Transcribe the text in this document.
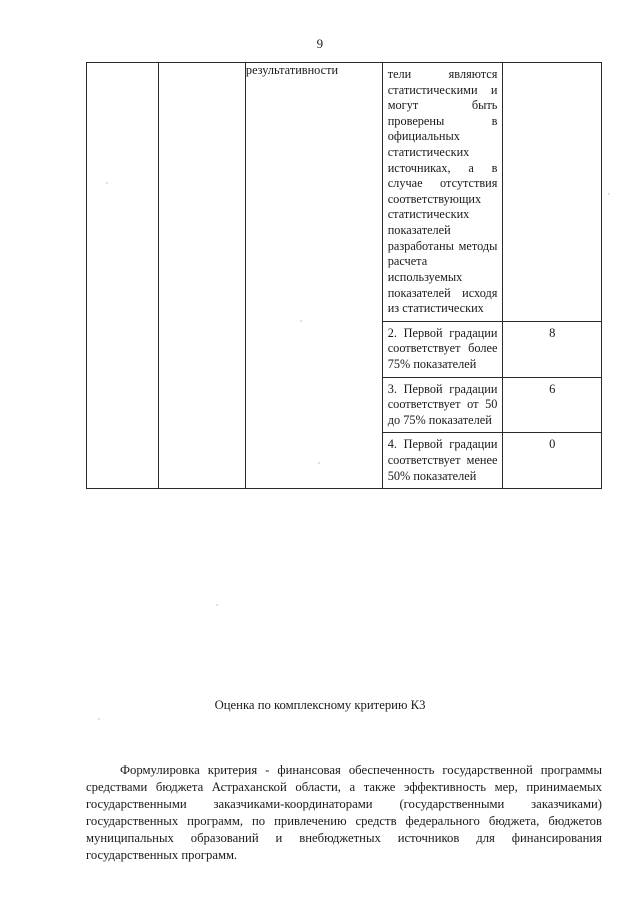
9
		результативности	тели являются статистическими и могут быть проверены в официальных статистических источниках, а в случае отсутствия соответствующих статистических показателей разработаны методы расчета используемых показателей исходя из статистических	
			2. Первой градации соответствует более 75% показателей	8
			3. Первой градации соответствует от 50 до 75% показателей	6
			4. Первой градации соответствует менее 50% показателей	0
Оценка по комплексному критерию К3
Формулировка критерия - финансовая обеспеченность государственной программы средствами бюджета Астраханской области, а также эффективность мер, принимаемых государственными заказчиками-координаторами (государственными заказчиками) государственных программ, по привлечению средств федерального бюджета, бюджетов муниципальных образований и внебюджетных источников для финансирования государственных программ.
